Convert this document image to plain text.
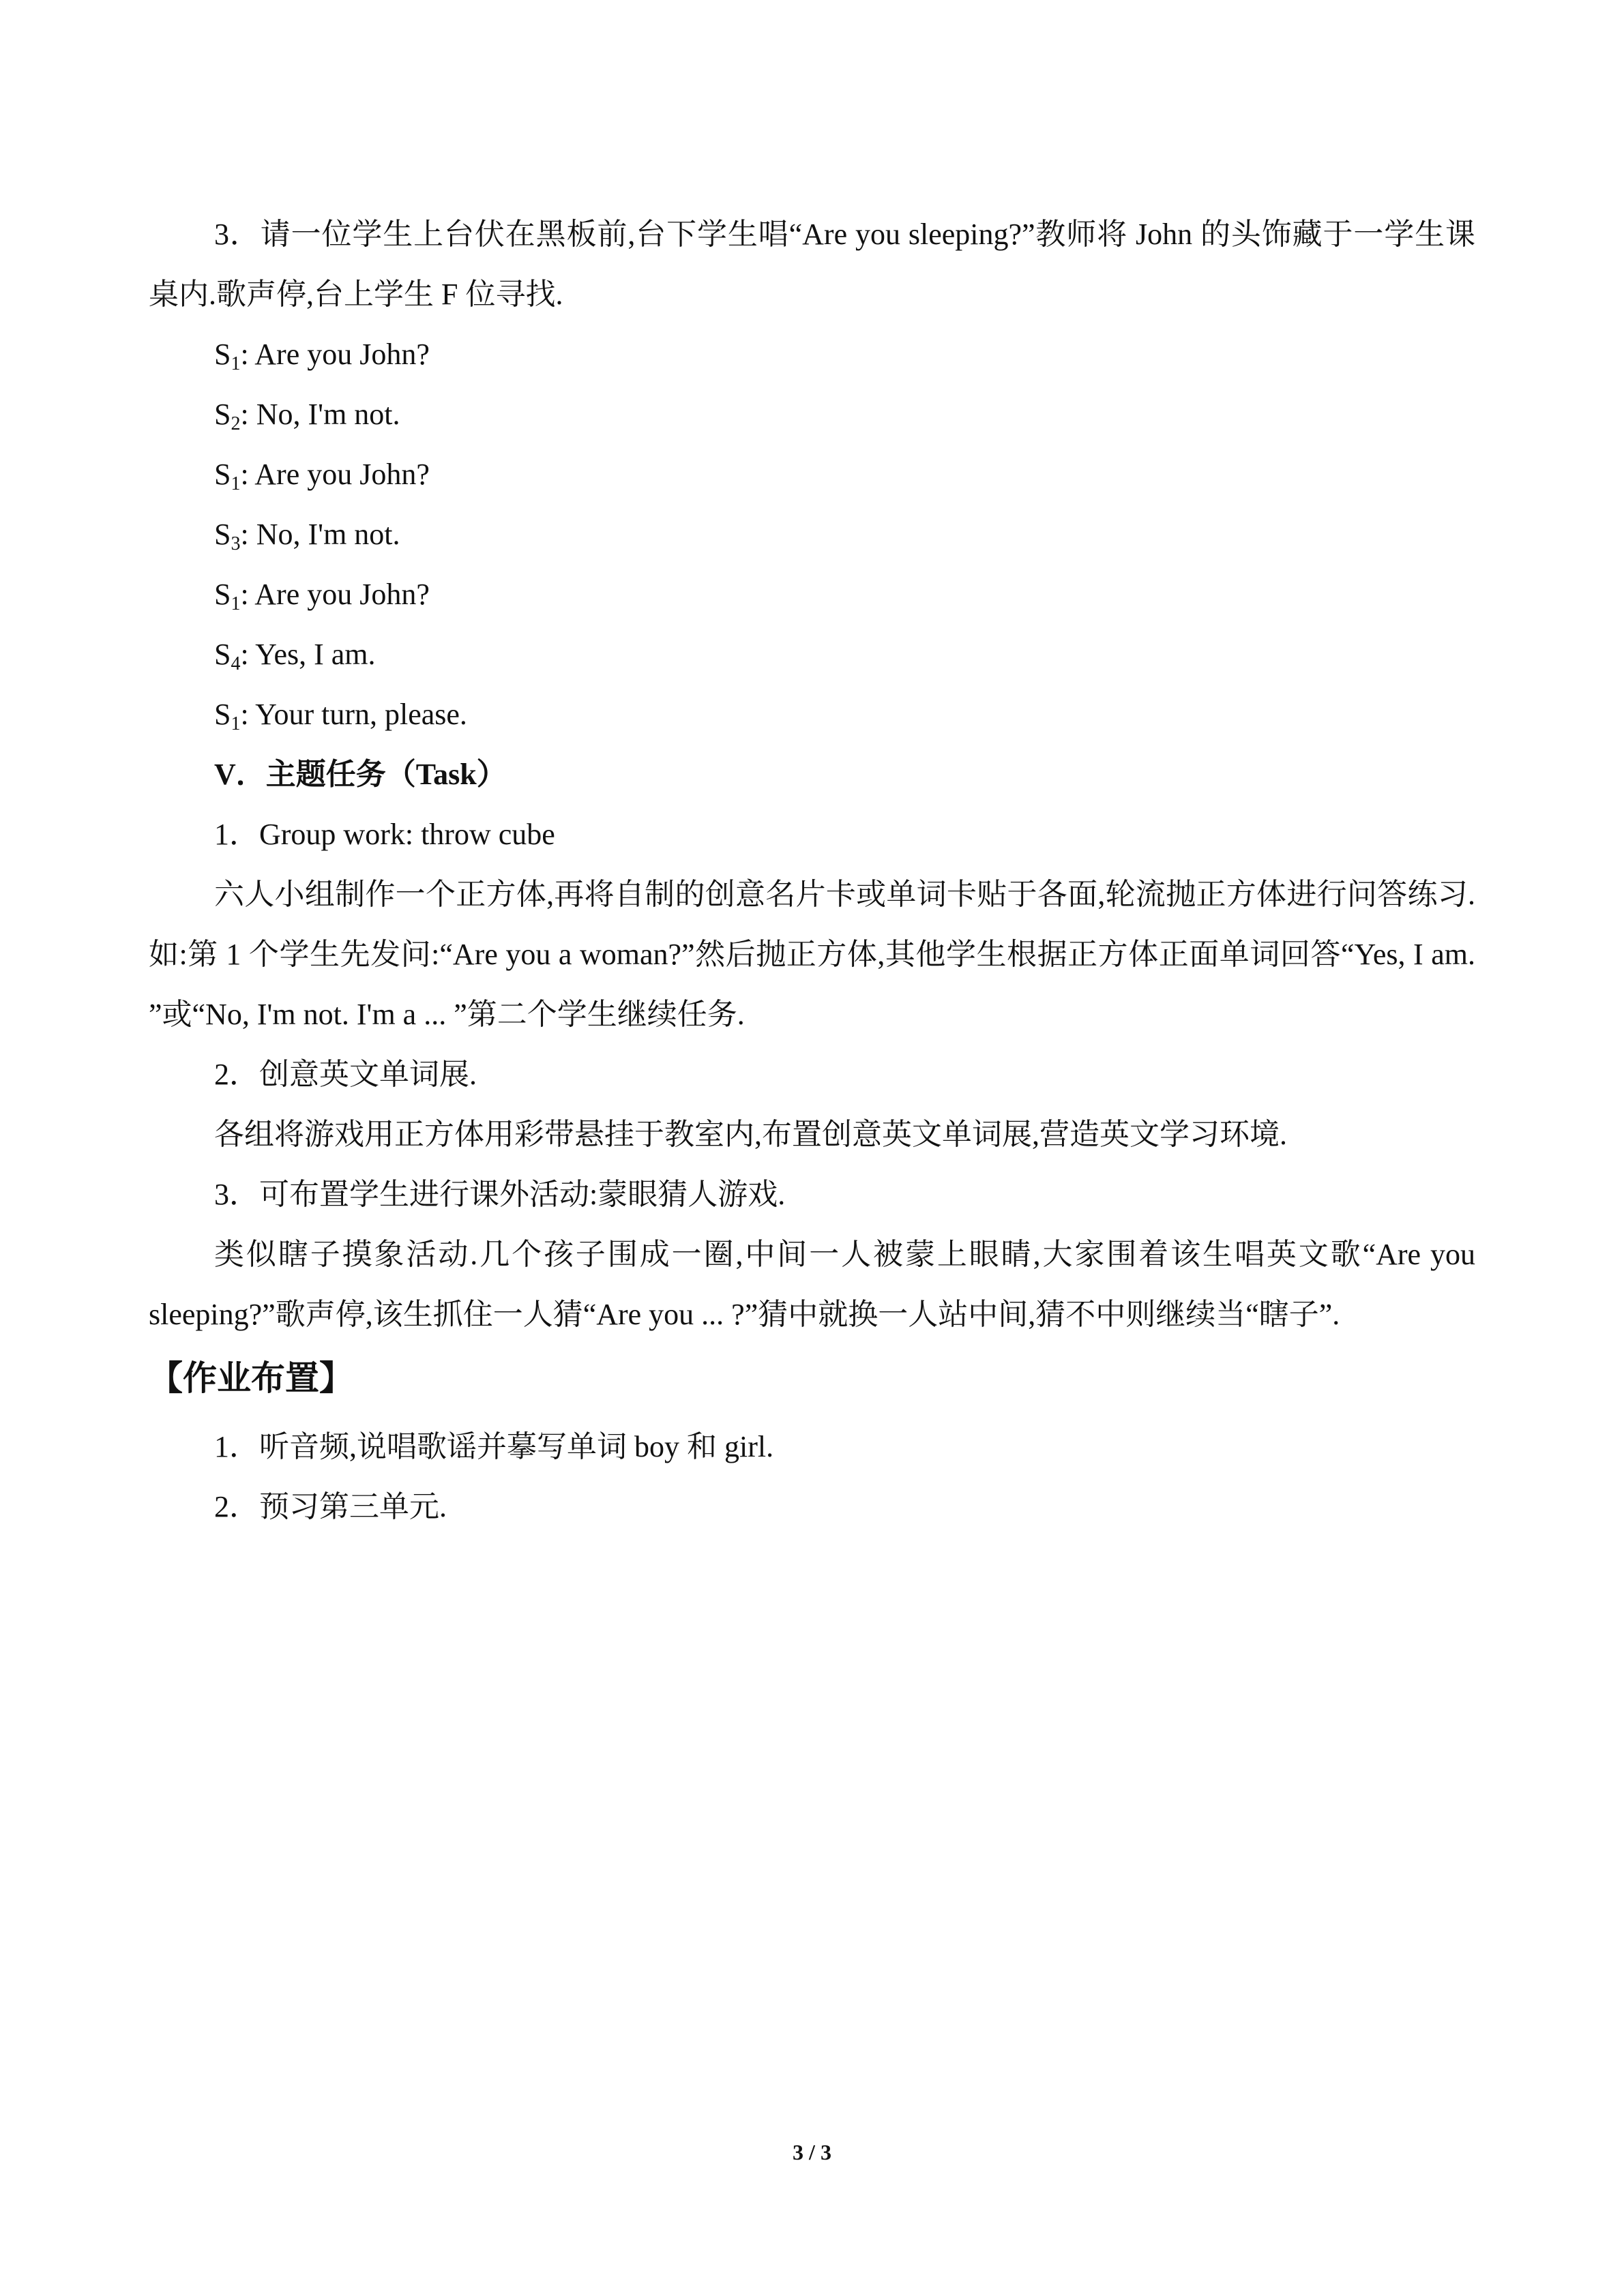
3．请一位学生上台伏在黑板前,台下学生唱“Are you sleeping?”教师将 John 的头饰藏于一学生课桌内.歌声停,台上学生 F 位寻找.

$S_1$: Are you John?

$S_2$: No, I'm not.

$S_1$: Are you John?

$S_3$: No, I'm not.

$S_1$: Are you John?

$S_4$: Yes, I am.

$S_1$: Your turn, please.

V．主题任务（Task）

1．Group work: throw cube

六人小组制作一个正方体,再将自制的创意名片卡或单词卡贴于各面,轮流抛正方体进行问答练习.如:第 1 个学生先发问:“Are you a woman?”然后抛正方体,其他学生根据正方体正面单词回答“Yes, I am. ”或“No, I'm not. I'm a ... ”第二个学生继续任务.

2．创意英文单词展.

各组将游戏用正方体用彩带悬挂于教室内,布置创意英文单词展,营造英文学习环境.

3．可布置学生进行课外活动:蒙眼猜人游戏.

类似瞎子摸象活动.几个孩子围成一圈,中间一人被蒙上眼睛,大家围着该生唱英文歌“Are you sleeping?”歌声停,该生抓住一人猜“Are you ... ?”猜中就换一人站中间,猜不中则继续当“瞎子”.

【作业布置】

1．听音频,说唱歌谣并摹写单词 boy 和 girl.

2．预习第三单元.

3 / 3
